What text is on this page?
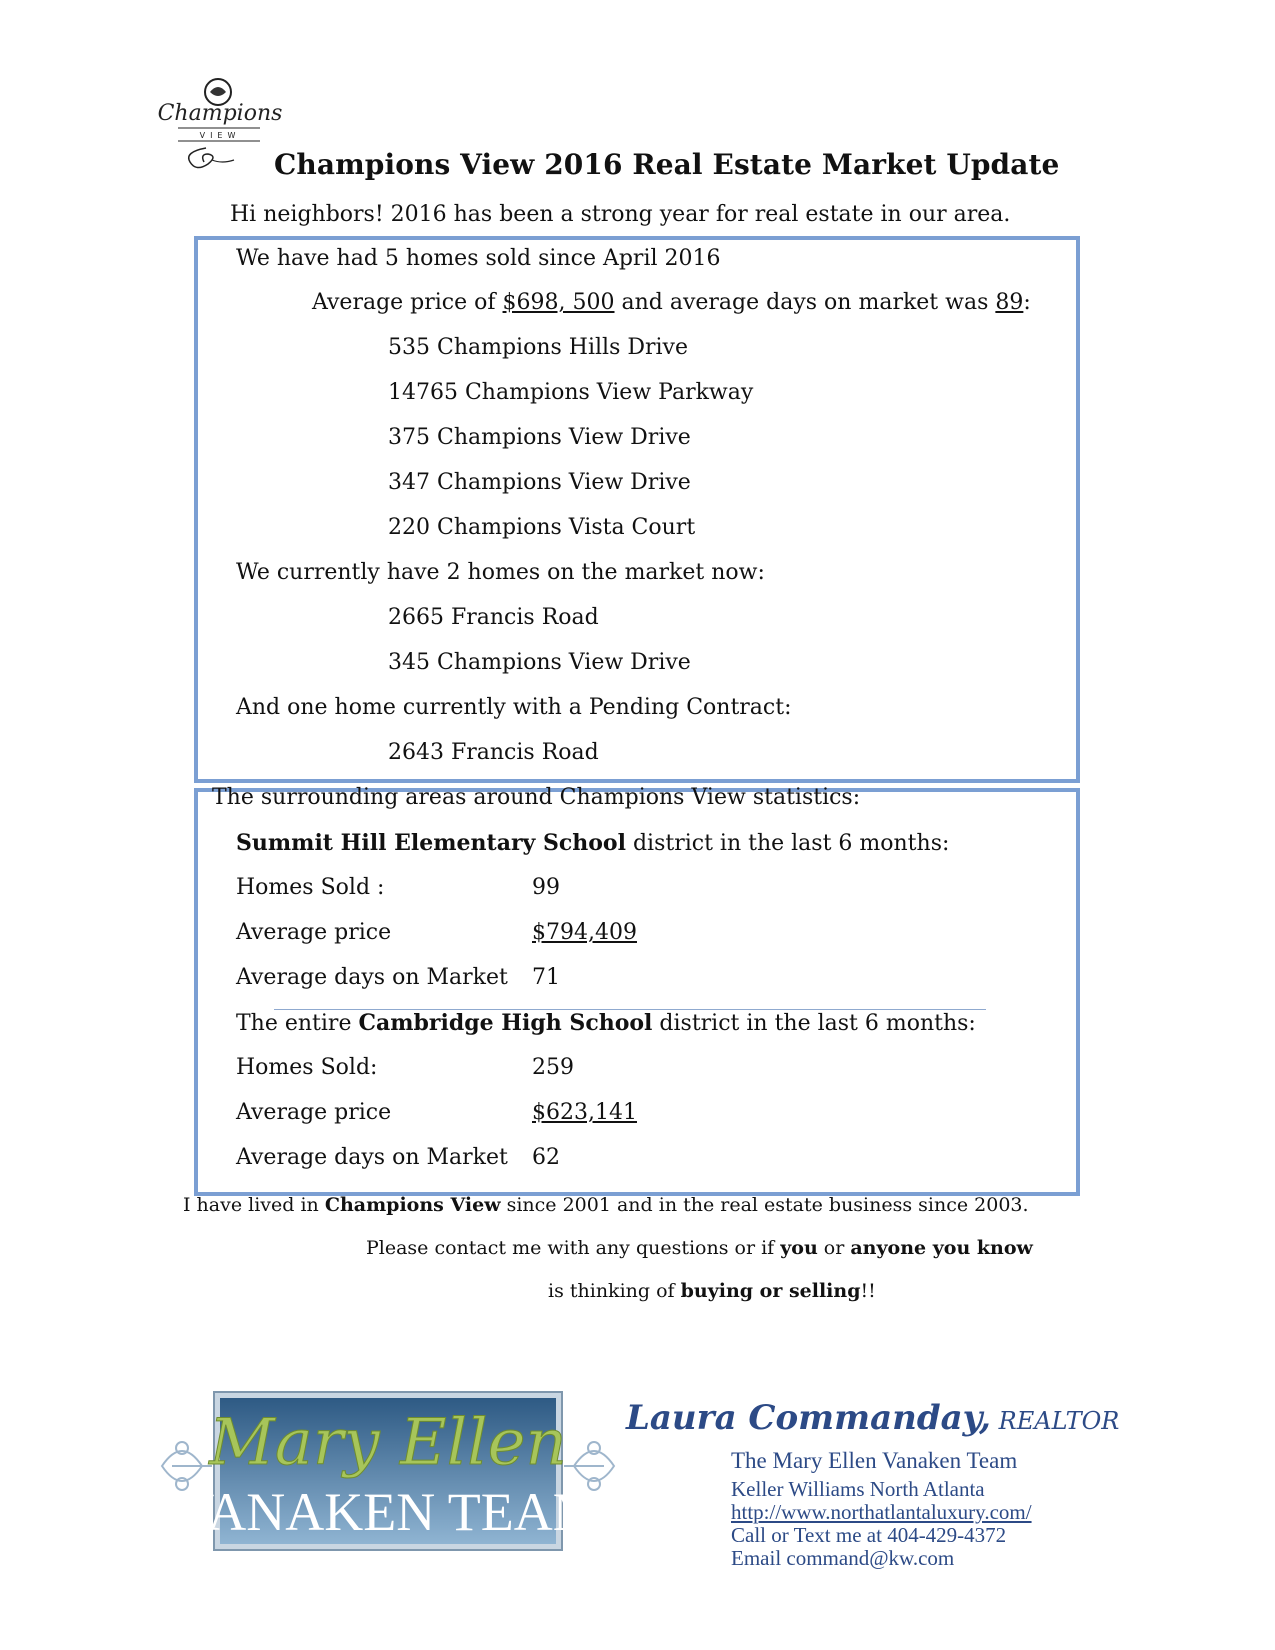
Champions
VIEW
Champions View 2016 Real Estate Market Update
Hi neighbors! 2016 has been a strong year for real estate in our area.
We have had 5 homes sold since April 2016
Average price of $698, 500 and average days on market was 89:
535 Champions Hills Drive
14765 Champions View Parkway
375 Champions View Drive
347 Champions View Drive
220 Champions Vista Court
We currently have 2 homes on the market now:
2665 Francis Road
345 Champions View Drive
And one home currently with a Pending Contract:
2643 Francis Road
The surrounding areas around Champions View statistics:
Summit Hill Elementary School district in the last 6 months:
Homes Sold :	99
Average price	$794,409
Average days on Market 71
The entire Cambridge High School district in the last 6 months:
Homes Sold:	259
Average price	$623,141
Average days on Market 62
I have lived in Champions View since 2001 and in the real estate business since 2003.
Please contact me with any questions or if you or anyone you know
is thinking of buying or selling!!
Mary Ellen
VANAKEN TEAM
Laura Commanday, REALTOR
The Mary Ellen Vanaken Team
Keller Williams North Atlanta
http://www.northatlantaluxury.com/
Call or Text me at 404-429-4372
Email command@kw.com
